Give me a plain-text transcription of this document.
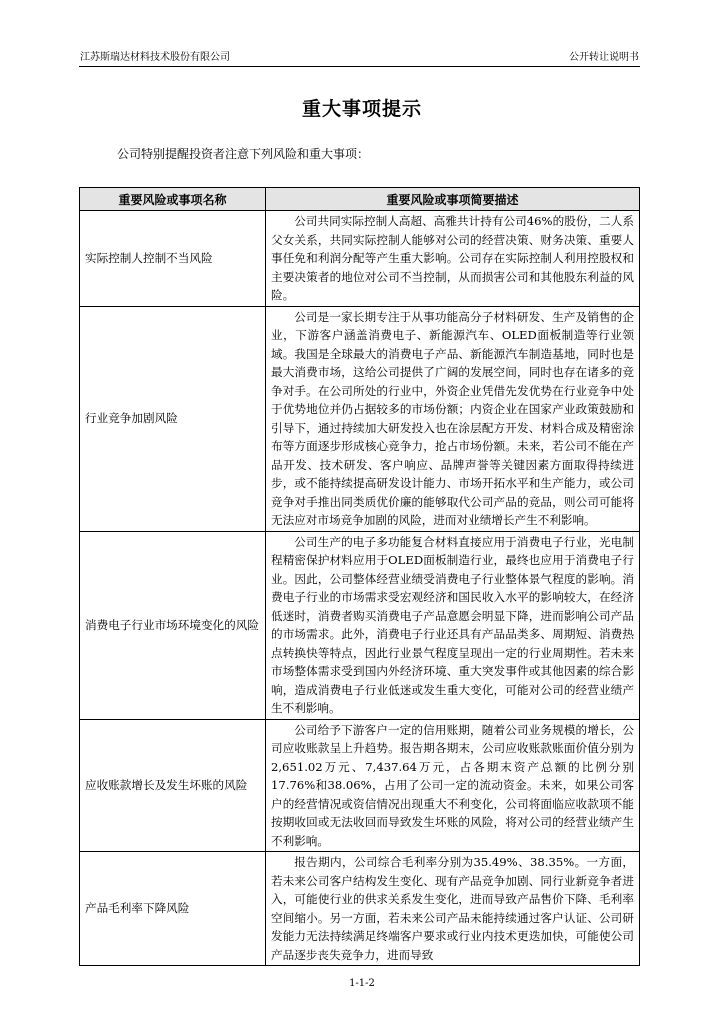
江苏斯瑞达材料技术股份有限公司	公开转让说明书
重大事项提示
公司特别提醒投资者注意下列风险和重大事项：
重要风险或事项名称	重要风险或事项简要描述
实际控制人控制不当风险	公司共同实际控制人高超、高雅共计持有公司46%的股份，二人系父女关系，共同实际控制人能够对公司的经营决策、财务决策、重要人事任免和利润分配等产生重大影响。公司存在实际控制人利用控股权和主要决策者的地位对公司不当控制，从而损害公司和其他股东利益的风险。

行业竞争加剧风险	公司是一家长期专注于从事功能高分子材料研发、生产及销售的企业，下游客户涵盖消费电子、新能源汽车、OLED面板制造等行业领域。我国是全球最大的消费电子产品、新能源汽车制造基地，同时也是最大消费市场，这给公司提供了广阔的发展空间，同时也存在诸多的竞争对手。在公司所处的行业中，外资企业凭借先发优势在行业竞争中处于优势地位并仍占据较多的市场份额；内资企业在国家产业政策鼓励和引导下，通过持续加大研发投入也在涂层配方开发、材料合成及精密涂布等方面逐步形成核心竞争力，抢占市场份额。未来，若公司不能在产品开发、技术研发、客户响应、品牌声誉等关键因素方面取得持续进步，或不能持续提高研发设计能力、市场开拓水平和生产能力，或公司竞争对手推出同类质优价廉的能够取代公司产品的竞品，则公司可能将无法应对市场竞争加剧的风险，进而对业绩增长产生不利影响。

消费电子行业市场环境变化的风险	公司生产的电子多功能复合材料直接应用于消费电子行业，光电制程精密保护材料应用于OLED面板制造行业，最终也应用于消费电子行业。因此，公司整体经营业绩受消费电子行业整体景气程度的影响。消费电子行业的市场需求受宏观经济和国民收入水平的影响较大，在经济低迷时，消费者购买消费电子产品意愿会明显下降，进而影响公司产品的市场需求。此外，消费电子行业还具有产品品类多、周期短、消费热点转换快等特点，因此行业景气程度呈现出一定的行业周期性。若未来市场整体需求受到国内外经济环境、重大突发事件或其他因素的综合影响，造成消费电子行业低迷或发生重大变化，可能对公司的经营业绩产生不利影响。

应收账款增长及发生坏账的风险	公司给予下游客户一定的信用账期，随着公司业务规模的增长，公司应收账款呈上升趋势。报告期各期末，公司应收账款账面价值分别为2,651.02万元、7,437.64万元，占各期末资产总额的比例分别17.76%和38.06%，占用了公司一定的流动资金。未来，如果公司客户的经营情况或资信情况出现重大不利变化，公司将面临应收款项不能按期收回或无法收回而导致发生坏账的风险，将对公司的经营业绩产生不利影响。

产品毛利率下降风险	报告期内，公司综合毛利率分别为35.49%、38.35%。一方面，若未来公司客户结构发生变化、现有产品竞争加剧、同行业新竞争者进入，可能使行业的供求关系发生变化，进而导致产品售价下降、毛利率空间缩小。另一方面，若未来公司产品未能持续通过客户认证、公司研发能力无法持续满足终端客户要求或行业内技术更迭加快，可能使公司产品逐步丧失竞争力，进而导致

1-1-2
